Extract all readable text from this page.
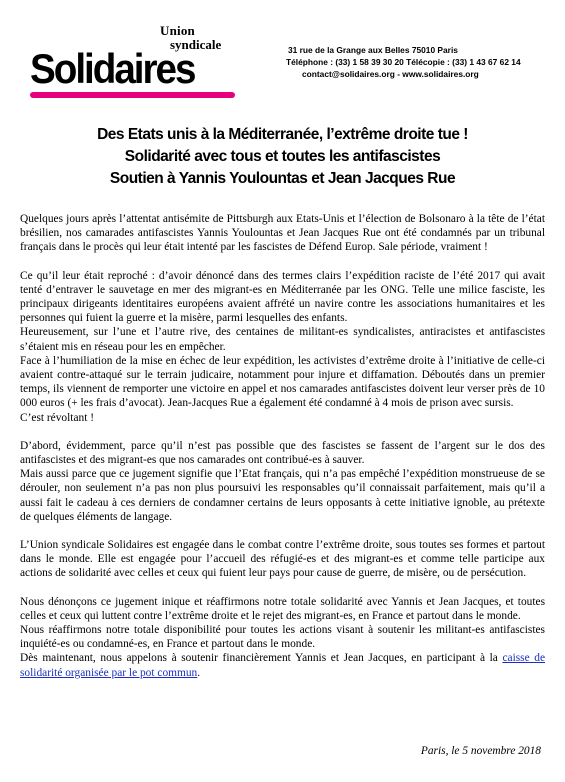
Union
syndicale
Solidaires	31 rue de la Grange aux Belles 75010 Paris
Téléphone : (33) 1 58 39 30 20 Télécopie : (33) 1 43 67 62 14
contact@solidaires.org - www.solidaires.org
Des Etats unis à la Méditerranée, l’extrême droite tue !
Solidarité avec tous et toutes les antifascistes
Soutien à Yannis Youlountas et Jean Jacques Rue

Quelques jours après l’attentat antisémite de Pittsburgh aux Etats-Unis et l’élection de Bolsonaro à la tête de l’état brésilien, nos camarades antifascistes Yannis Youlountas et Jean Jacques Rue ont été condamnés par un tribunal français dans le procès qui leur était intenté par les fascistes de Défend Europ. Sale période, vraiment !

Ce qu’il leur était reproché : d’avoir dénoncé dans des termes clairs l’expédition raciste de l’été 2017 qui avait tenté d’entraver le sauvetage en mer des migrant-es en Méditerranée par les ONG. Telle une milice fasciste, les principaux dirigeants identitaires européens avaient affrété un navire contre les associations humanitaires et les personnes qui fuient la guerre et la misère, parmi lesquelles des enfants.

Heureusement, sur l’une et l’autre rive, des centaines de militant-es syndicalistes, antiracistes et antifascistes s’étaient mis en réseau pour les en empêcher.

Face à l’humiliation de la mise en échec de leur expédition, les activistes d’extrême droite à l’initiative de celle-ci avaient contre-attaqué sur le terrain judicaire, notamment pour injure et diffamation. Déboutés dans un premier temps, ils viennent de remporter une victoire en appel et nos camarades antifascistes doivent leur verser près de 10 000 euros (+ les frais d’avocat). Jean-Jacques Rue a également été condamné à 4 mois de prison avec sursis.

C’est révoltant !

D’abord, évidemment, parce qu’il n’est pas possible que des fascistes se fassent de l’argent sur le dos des antifascistes et des migrant-es que nos camarades ont contribué-es à sauver.

Mais aussi parce que ce jugement signifie que l’Etat français, qui n’a pas empêché l’expédition monstrueuse de se dérouler, non seulement n’a pas non plus poursuivi les responsables qu’il connaissait parfaitement, mais qu’il a aussi fait le cadeau à ces derniers de condamner certains de leurs opposants à cette initiative ignoble, au prétexte de quelques éléments de langage.

L’Union syndicale Solidaires est engagée dans le combat contre l’extrême droite, sous toutes ses formes et partout dans le monde. Elle est engagée pour l’accueil des réfugié-es et des migrant-es et comme telle participe aux actions de solidarité avec celles et ceux qui fuient leur pays pour cause de guerre, de misère, ou de persécution.

Nous dénonçons ce jugement inique et réaffirmons notre totale solidarité avec Yannis et Jean Jacques, et toutes celles et ceux qui luttent contre l’extrême droite et le rejet des migrant-es, en France et partout dans le monde.

Nous réaffirmons notre totale disponibilité pour toutes les actions visant à soutenir les militant-es antifascistes inquiété-es ou condamné-es, en France et partout dans le monde.

Dès maintenant, nous appelons à soutenir financièrement Yannis et Jean Jacques, en participant à la caisse de solidarité organisée par le pot commun.

Paris, le 5 novembre 2018
